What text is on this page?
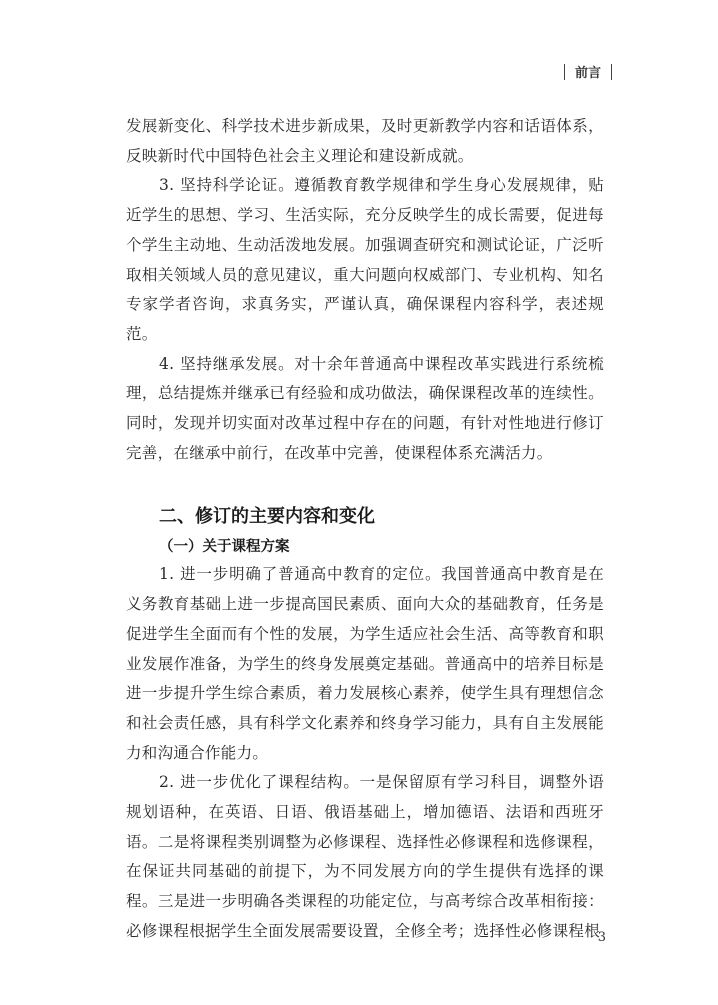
前言

发展新变化、科学技术进步新成果，及时更新教学内容和话语体系，反映新时代中国特色社会主义理论和建设新成就。

3. 坚持科学论证。遵循教育教学规律和学生身心发展规律，贴近学生的思想、学习、生活实际，充分反映学生的成长需要，促进每个学生主动地、生动活泼地发展。加强调查研究和测试论证，广泛听取相关领域人员的意见建议，重大问题向权威部门、专业机构、知名专家学者咨询，求真务实，严谨认真，确保课程内容科学，表述规范。

4. 坚持继承发展。对十余年普通高中课程改革实践进行系统梳理，总结提炼并继承已有经验和成功做法，确保课程改革的连续性。同时，发现并切实面对改革过程中存在的问题，有针对性地进行修订完善，在继承中前行，在改革中完善，使课程体系充满活力。

二、修订的主要内容和变化
（一）关于课程方案

1. 进一步明确了普通高中教育的定位。我国普通高中教育是在义务教育基础上进一步提高国民素质、面向大众的基础教育，任务是促进学生全面而有个性的发展，为学生适应社会生活、高等教育和职业发展作准备，为学生的终身发展奠定基础。普通高中的培养目标是进一步提升学生综合素质，着力发展核心素养，使学生具有理想信念和社会责任感，具有科学文化素养和终身学习能力，具有自主发展能力和沟通合作能力。

2. 进一步优化了课程结构。一是保留原有学习科目，调整外语规划语种，在英语、日语、俄语基础上，增加德语、法语和西班牙语。二是将课程类别调整为必修课程、选择性必修课程和选修课程，在保证共同基础的前提下，为不同发展方向的学生提供有选择的课程。三是进一步明确各类课程的功能定位，与高考综合改革相衔接：必修课程根据学生全面发展需要设置，全修全考；选择性必修课程根

3
